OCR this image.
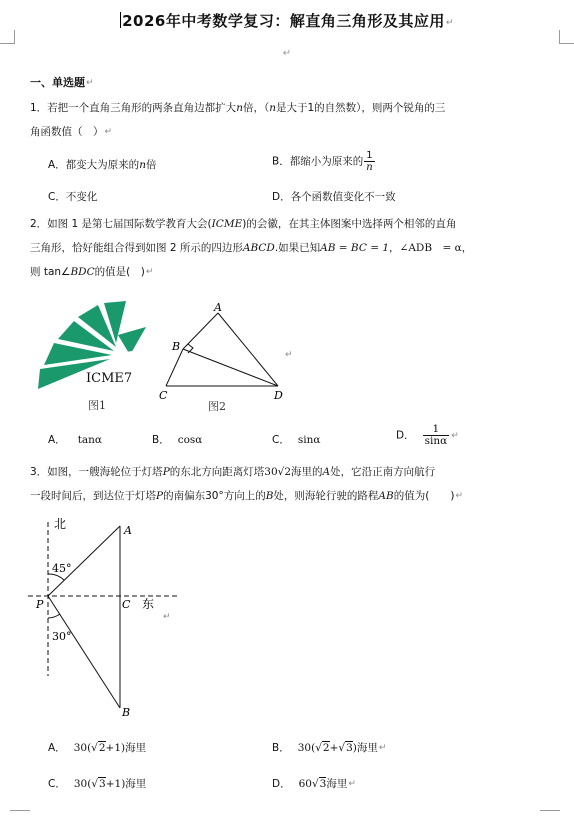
2026年中考数学复习：解直角三角形及其应用↵
↵
一、单选题↵
1．若把一个直角三角形的两条直角边都扩大n倍，（n是大于1的自然数），则两个锐角的三
角函数值（　）↵
A．都变大为原来的n倍	B．都缩小为原来的 $\frac{1}{n}$
C．不变化	D．各个函数值变化不一致
2．如图 1 是第七届国际数学教育大会(ICME)的会徽，在其主体图案中选择两个相邻的直角
三角形，恰好能组合得到如图 2 所示的四边形ABCD.如果已知AB = BC = 1，∠ADB　= α，
则 tan∠BDC的值是(　)↵
ICME7
图1
A
B
C	D
图2
↵
A． tanα	B． cosα	C． sinα	D． $\frac{1}{\sin\alpha}$ ↵
3．如图，一艘海轮位于灯塔P的东北方向距离灯塔30√2海里的A处，它沿正南方向航行
一段时间后，到达位于灯塔P的南偏东30°方向上的B处，则海轮行驶的路程AB的值为(　　)↵
北
东
A
P	C
B
45°
30°
↵
A． 30(√2+1)海里	B． 30(√2+√3)海里↵
C． 30(√3+1)海里	D． 60√3海里↵
